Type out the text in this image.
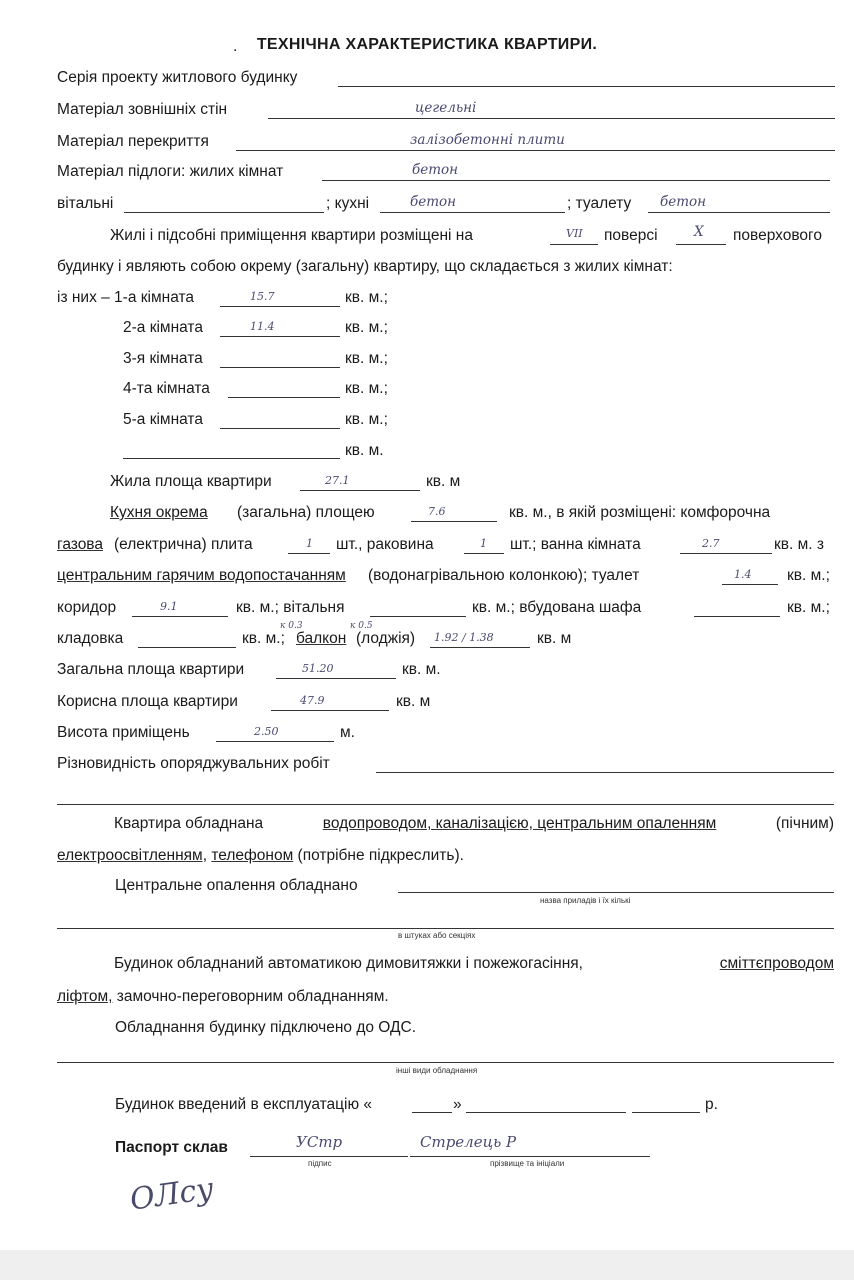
.	ТЕХНІЧНА ХАРАКТЕРИСТИКА КВАРТИРИ.
Серія проекту житлового будинку
Матеріал зовнішніх стін	цегельні
Матеріал перекриття	залізобетонні плити
Матеріал підлоги: жилих кімнат	бетон
вітальні	; кухні	бетон	; туалету бетон
Жилі і підсобні приміщення квартири розміщені на	VII поверсі	X поверхового
будинку і являють собою окрему (загальну) квартиру, що складається з жилих кімнат:
із них – 1-а кімната	15.7	кв. м.;
2-а кімната	11.4	кв. м.;
3-я кімната	кв. м.;
4-та кімната	кв. м.;
5-а кімната	кв. м.;
кв. м.
Жила площа квартири	27.1	кв. м
Кухня окрема (загальна) площею	7.6	кв. м., в якій розміщені: комфорочна
газова (електрична) плита	1 шт., раковина	1 шт.; ванна кімната	2.7	кв. м. з
центральним гарячим водопостачанням (водонагрівальною колонкою); туалет	1.4 кв. м.;
коридор	9.1	кв. м.; вітальня	кв. м.; вбудована шафа	кв. м.;
к 0.3	к 0.5
кладовка	кв. м.; балкон (лоджія) 1.92 / 1.38	кв. м
Загальна площа квартири	51.20	кв. м.
Корисна площа квартири	47.9	кв. м
Висота приміщень	2.50	м.
Різновидність опоряджувальних робіт
Квартира обладнана	водопроводом, каналізацією, центральним опаленням	(пічним)
електроосвітленням, телефоном (потрібне підкреслить).
Центральне опалення обладнано
назва приладів і їх кількі
в штуках або секціях
Будинок обладнаний автоматикою димовитяжки і пожежогасіння,	сміттєпроводом
ліфтом, замочно-переговорним обладнанням.
Обладнання будинку підключено до ОДС.
інші види обладнання
Будинок введений в експлуатацію «	»	р.
Паспорт склав	УСтр
підпис
Стрелець Р
прізвище та ініціали
ОЛсу
